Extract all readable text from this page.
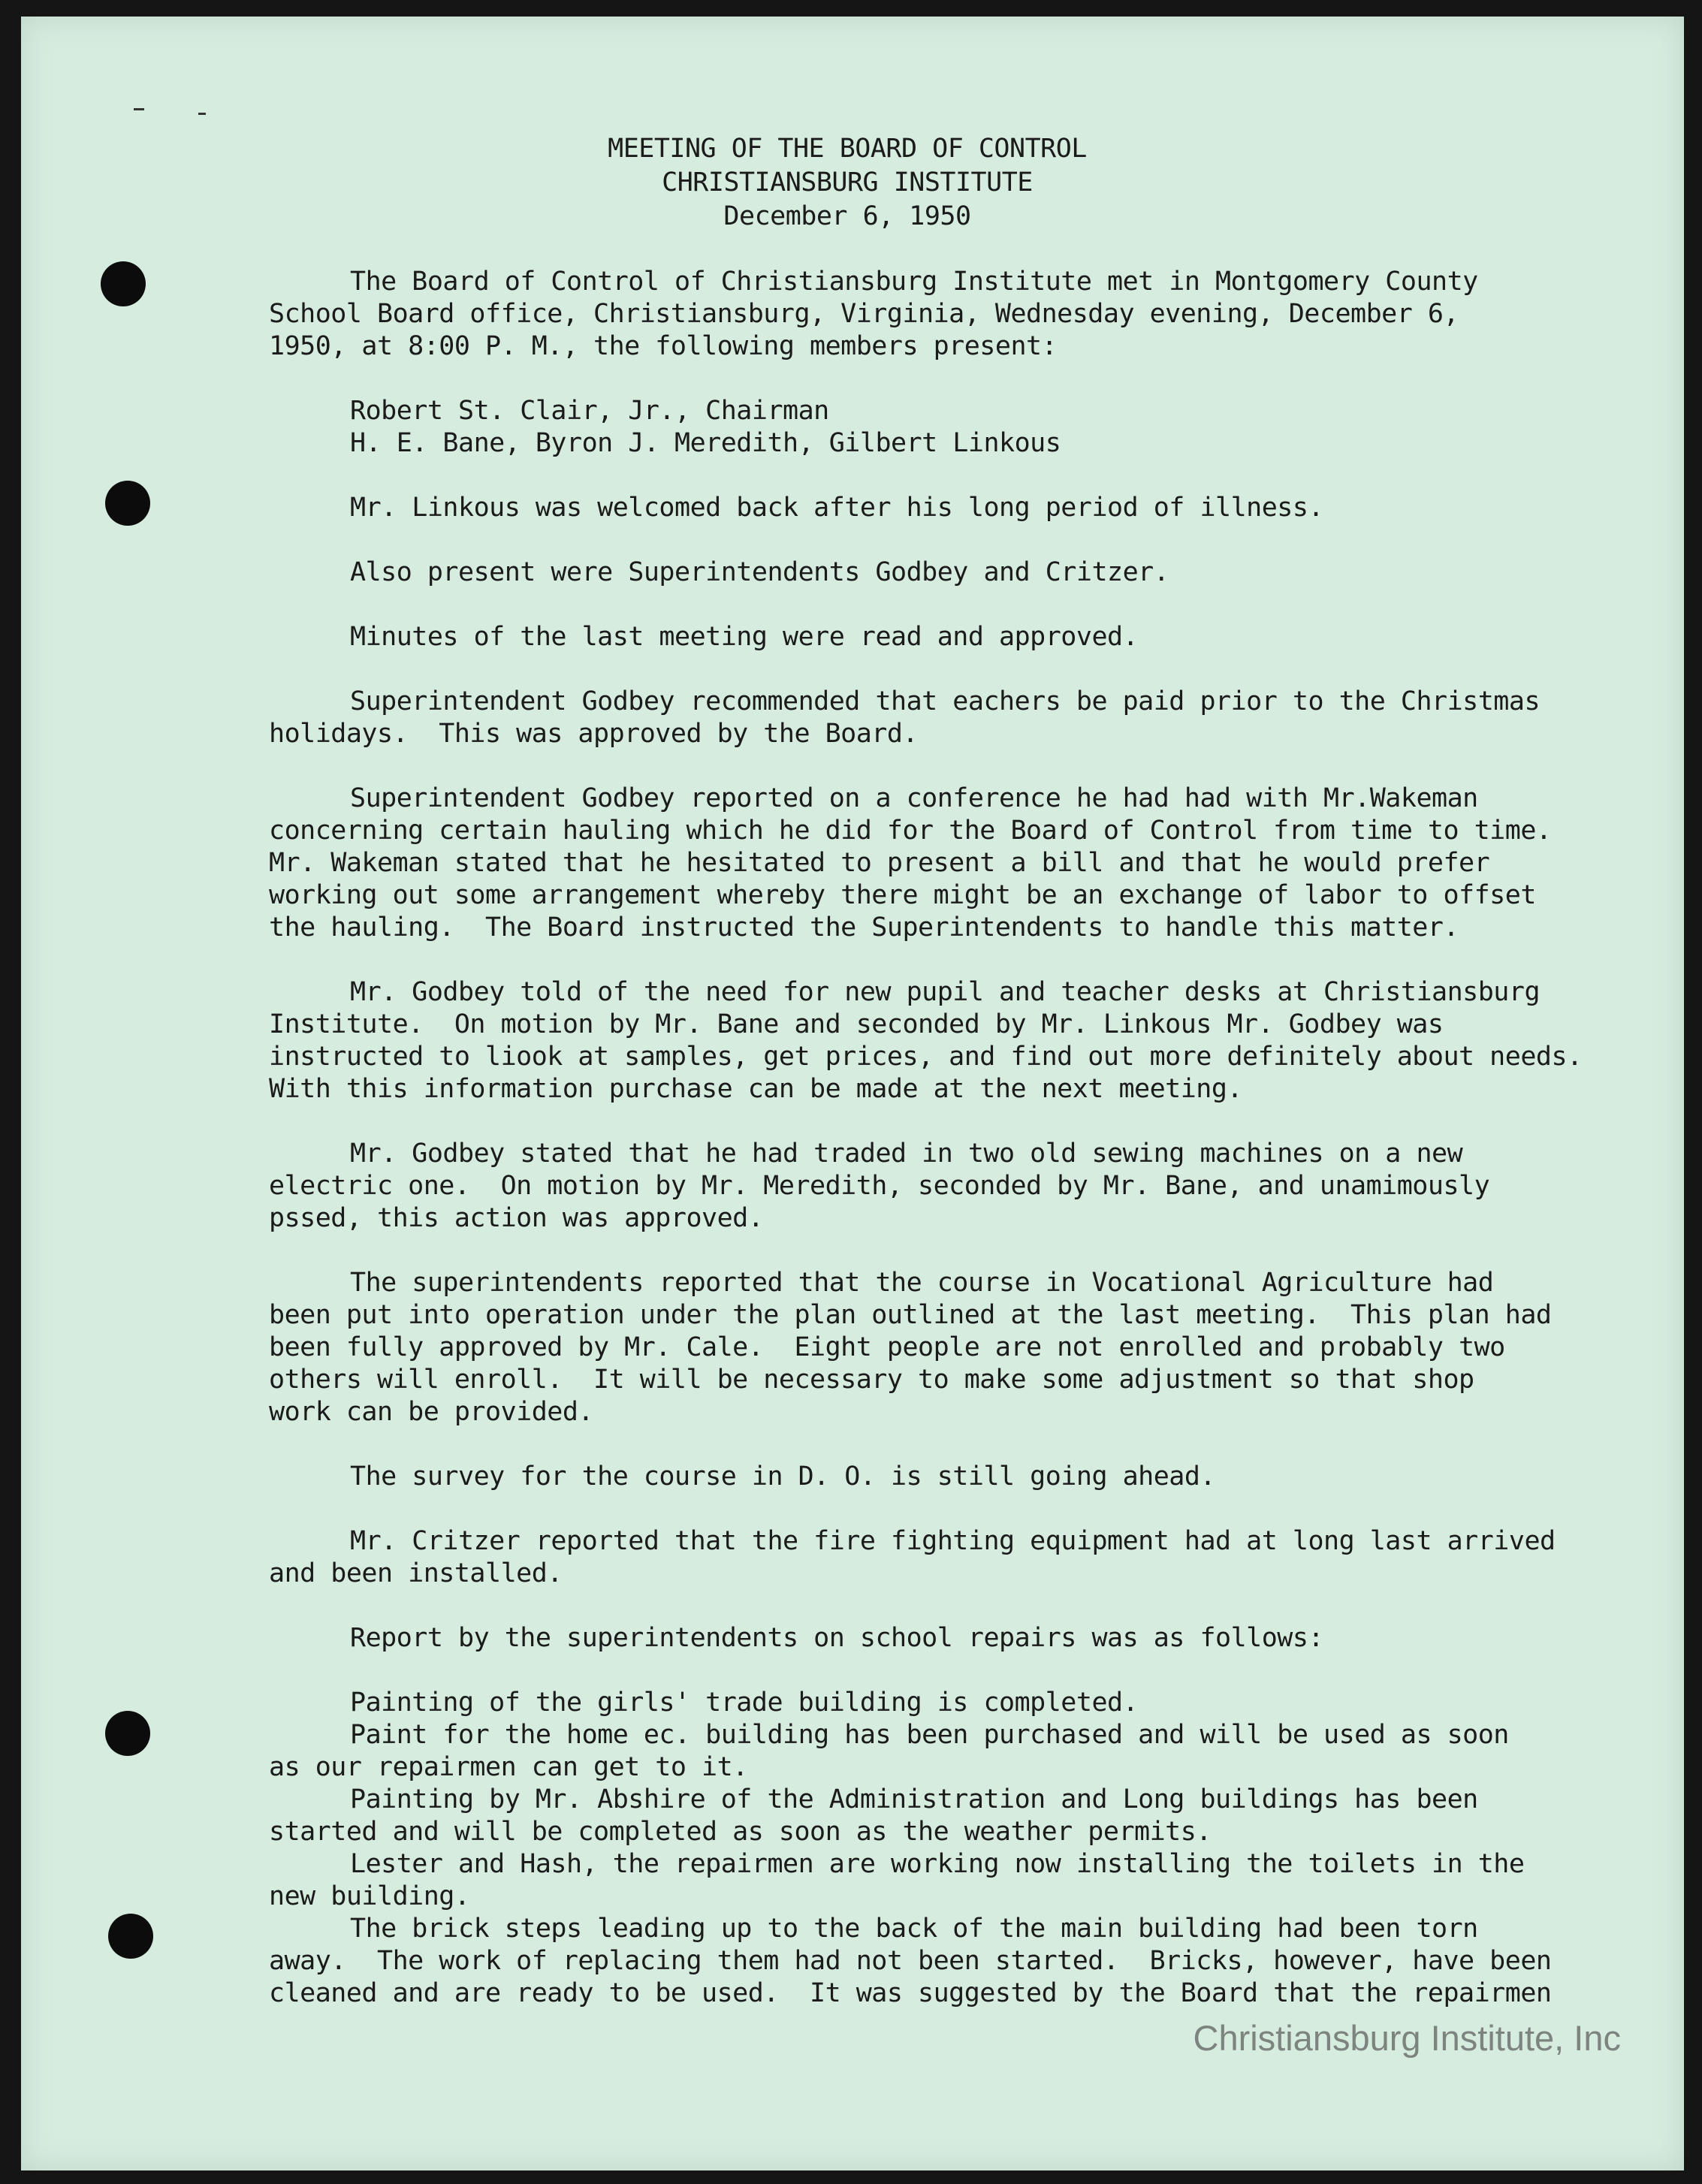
MEETING OF THE BOARD OF CONTROL
CHRISTIANSBURG INSTITUTE
December 6, 1950
The Board of Control of Christiansburg Institute met in Montgomery County
School Board office, Christiansburg, Virginia, Wednesday evening, December 6,
1950, at 8:00 P. M., the following members present:
Robert St. Clair, Jr., Chairman
H. E. Bane, Byron J. Meredith, Gilbert Linkous
Mr. Linkous was welcomed back after his long period of illness.
Also present were Superintendents Godbey and Critzer.
Minutes of the last meeting were read and approved.
Superintendent Godbey recommended that eachers be paid prior to the Christmas
holidays.  This was approved by the Board.
Superintendent Godbey reported on a conference he had had with Mr.Wakeman
concerning certain hauling which he did for the Board of Control from time to time.
Mr. Wakeman stated that he hesitated to present a bill and that he would prefer
working out some arrangement whereby there might be an exchange of labor to offset
the hauling.  The Board instructed the Superintendents to handle this matter.
Mr. Godbey told of the need for new pupil and teacher desks at Christiansburg
Institute.  On motion by Mr. Bane and seconded by Mr. Linkous Mr. Godbey was
instructed to liook at samples, get prices, and find out more definitely about needs.
With this information purchase can be made at the next meeting.
Mr. Godbey stated that he had traded in two old sewing machines on a new
electric one.  On motion by Mr. Meredith, seconded by Mr. Bane, and unamimously
pssed, this action was approved.
The superintendents reported that the course in Vocational Agriculture had
been put into operation under the plan outlined at the last meeting.  This plan had
been fully approved by Mr. Cale.  Eight people are not enrolled and probably two
others will enroll.  It will be necessary to make some adjustment so that shop
work can be provided.
The survey for the course in D. O. is still going ahead.
Mr. Critzer reported that the fire fighting equipment had at long last arrived
and been installed.
Report by the superintendents on school repairs was as follows:
Painting of the girls' trade building is completed.
Paint for the home ec. building has been purchased and will be used as soon
as our repairmen can get to it.
Painting by Mr. Abshire of the Administration and Long buildings has been
started and will be completed as soon as the weather permits.
Lester and Hash, the repairmen are working now installing the toilets in the
new building.
The brick steps leading up to the back of the main building had been torn
away.  The work of replacing them had not been started.  Bricks, however, have been
cleaned and are ready to be used.  It was suggested by the Board that the repairmen
Christiansburg Institute, Inc
